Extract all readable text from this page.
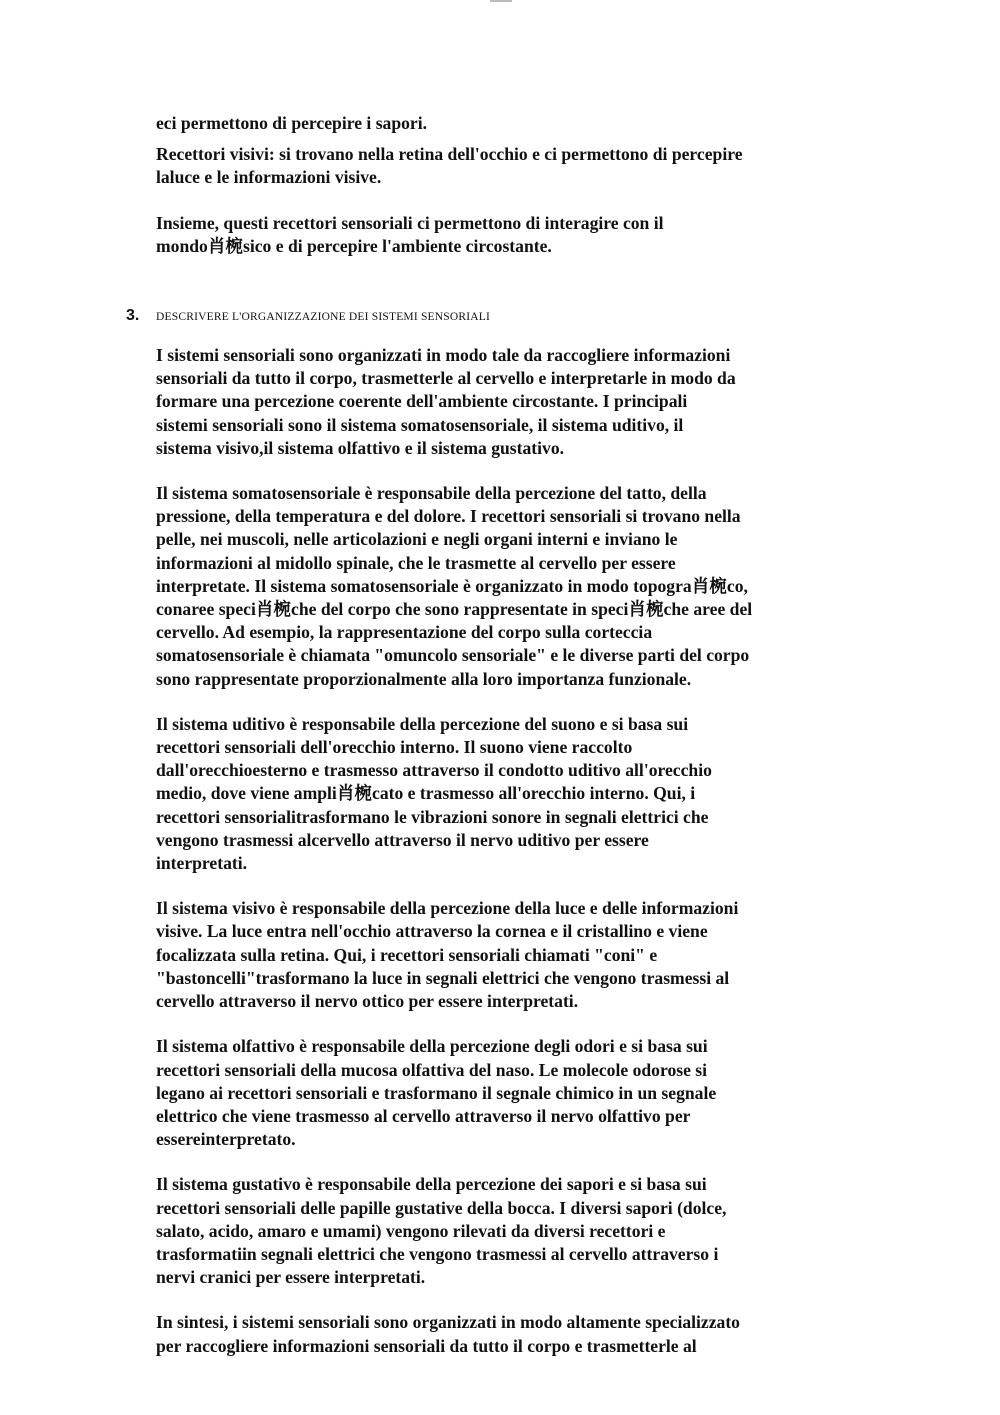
eci permettono di percepire i sapori.

Recettori visivi: si trovano nella retina dell'occhio e ci permettono di percepire
laluce e le informazioni visive.

Insieme, questi recettori sensoriali ci permettono di interagire con il
mondo肖椀sico e di percepire l'ambiente circostante.

3. DESCRIVERE L'ORGANIZZAZIONE DEI SISTEMI SENSORIALI

I sistemi sensoriali sono organizzati in modo tale da raccogliere informazioni
sensoriali da tutto il corpo, trasmetterle al cervello e interpretarle in modo da
formare una percezione coerente dell'ambiente circostante. I principali
sistemi sensoriali sono il sistema somatosensoriale, il sistema uditivo, il
sistema visivo,il sistema olfattivo e il sistema gustativo.

Il sistema somatosensoriale è responsabile della percezione del tatto, della
pressione, della temperatura e del dolore. I recettori sensoriali si trovano nella
pelle, nei muscoli, nelle articolazioni e negli organi interni e inviano le
informazioni al midollo spinale, che le trasmette al cervello per essere
interpretate. Il sistema somatosensoriale è organizzato in modo topogra肖椀co,
conaree speci肖椀che del corpo che sono rappresentate in speci肖椀che aree del
cervello. Ad esempio, la rappresentazione del corpo sulla corteccia
somatosensoriale è chiamata "omuncolo sensoriale" e le diverse parti del corpo
sono rappresentate proporzionalmente alla loro importanza funzionale.

Il sistema uditivo è responsabile della percezione del suono e si basa sui
recettori sensoriali dell'orecchio interno. Il suono viene raccolto
dall'orecchioesterno e trasmesso attraverso il condotto uditivo all'orecchio
medio, dove viene ampli肖椀cato e trasmesso all'orecchio interno. Qui, i
recettori sensorialitrasformano le vibrazioni sonore in segnali elettrici che
vengono trasmessi alcervello attraverso il nervo uditivo per essere
interpretati.

Il sistema visivo è responsabile della percezione della luce e delle informazioni
visive. La luce entra nell'occhio attraverso la cornea e il cristallino e viene
focalizzata sulla retina. Qui, i recettori sensoriali chiamati "coni" e
"bastoncelli"trasformano la luce in segnali elettrici che vengono trasmessi al
cervello attraverso il nervo ottico per essere interpretati.

Il sistema olfattivo è responsabile della percezione degli odori e si basa sui
recettori sensoriali della mucosa olfattiva del naso. Le molecole odorose si
legano ai recettori sensoriali e trasformano il segnale chimico in un segnale
elettrico che viene trasmesso al cervello attraverso il nervo olfattivo per
essereinterpretato.

Il sistema gustativo è responsabile della percezione dei sapori e si basa sui
recettori sensoriali delle papille gustative della bocca. I diversi sapori (dolce,
salato, acido, amaro e umami) vengono rilevati da diversi recettori e
trasformatiin segnali elettrici che vengono trasmessi al cervello attraverso i
nervi cranici per essere interpretati.

In sintesi, i sistemi sensoriali sono organizzati in modo altamente specializzato
per raccogliere informazioni sensoriali da tutto il corpo e trasmetterle al
